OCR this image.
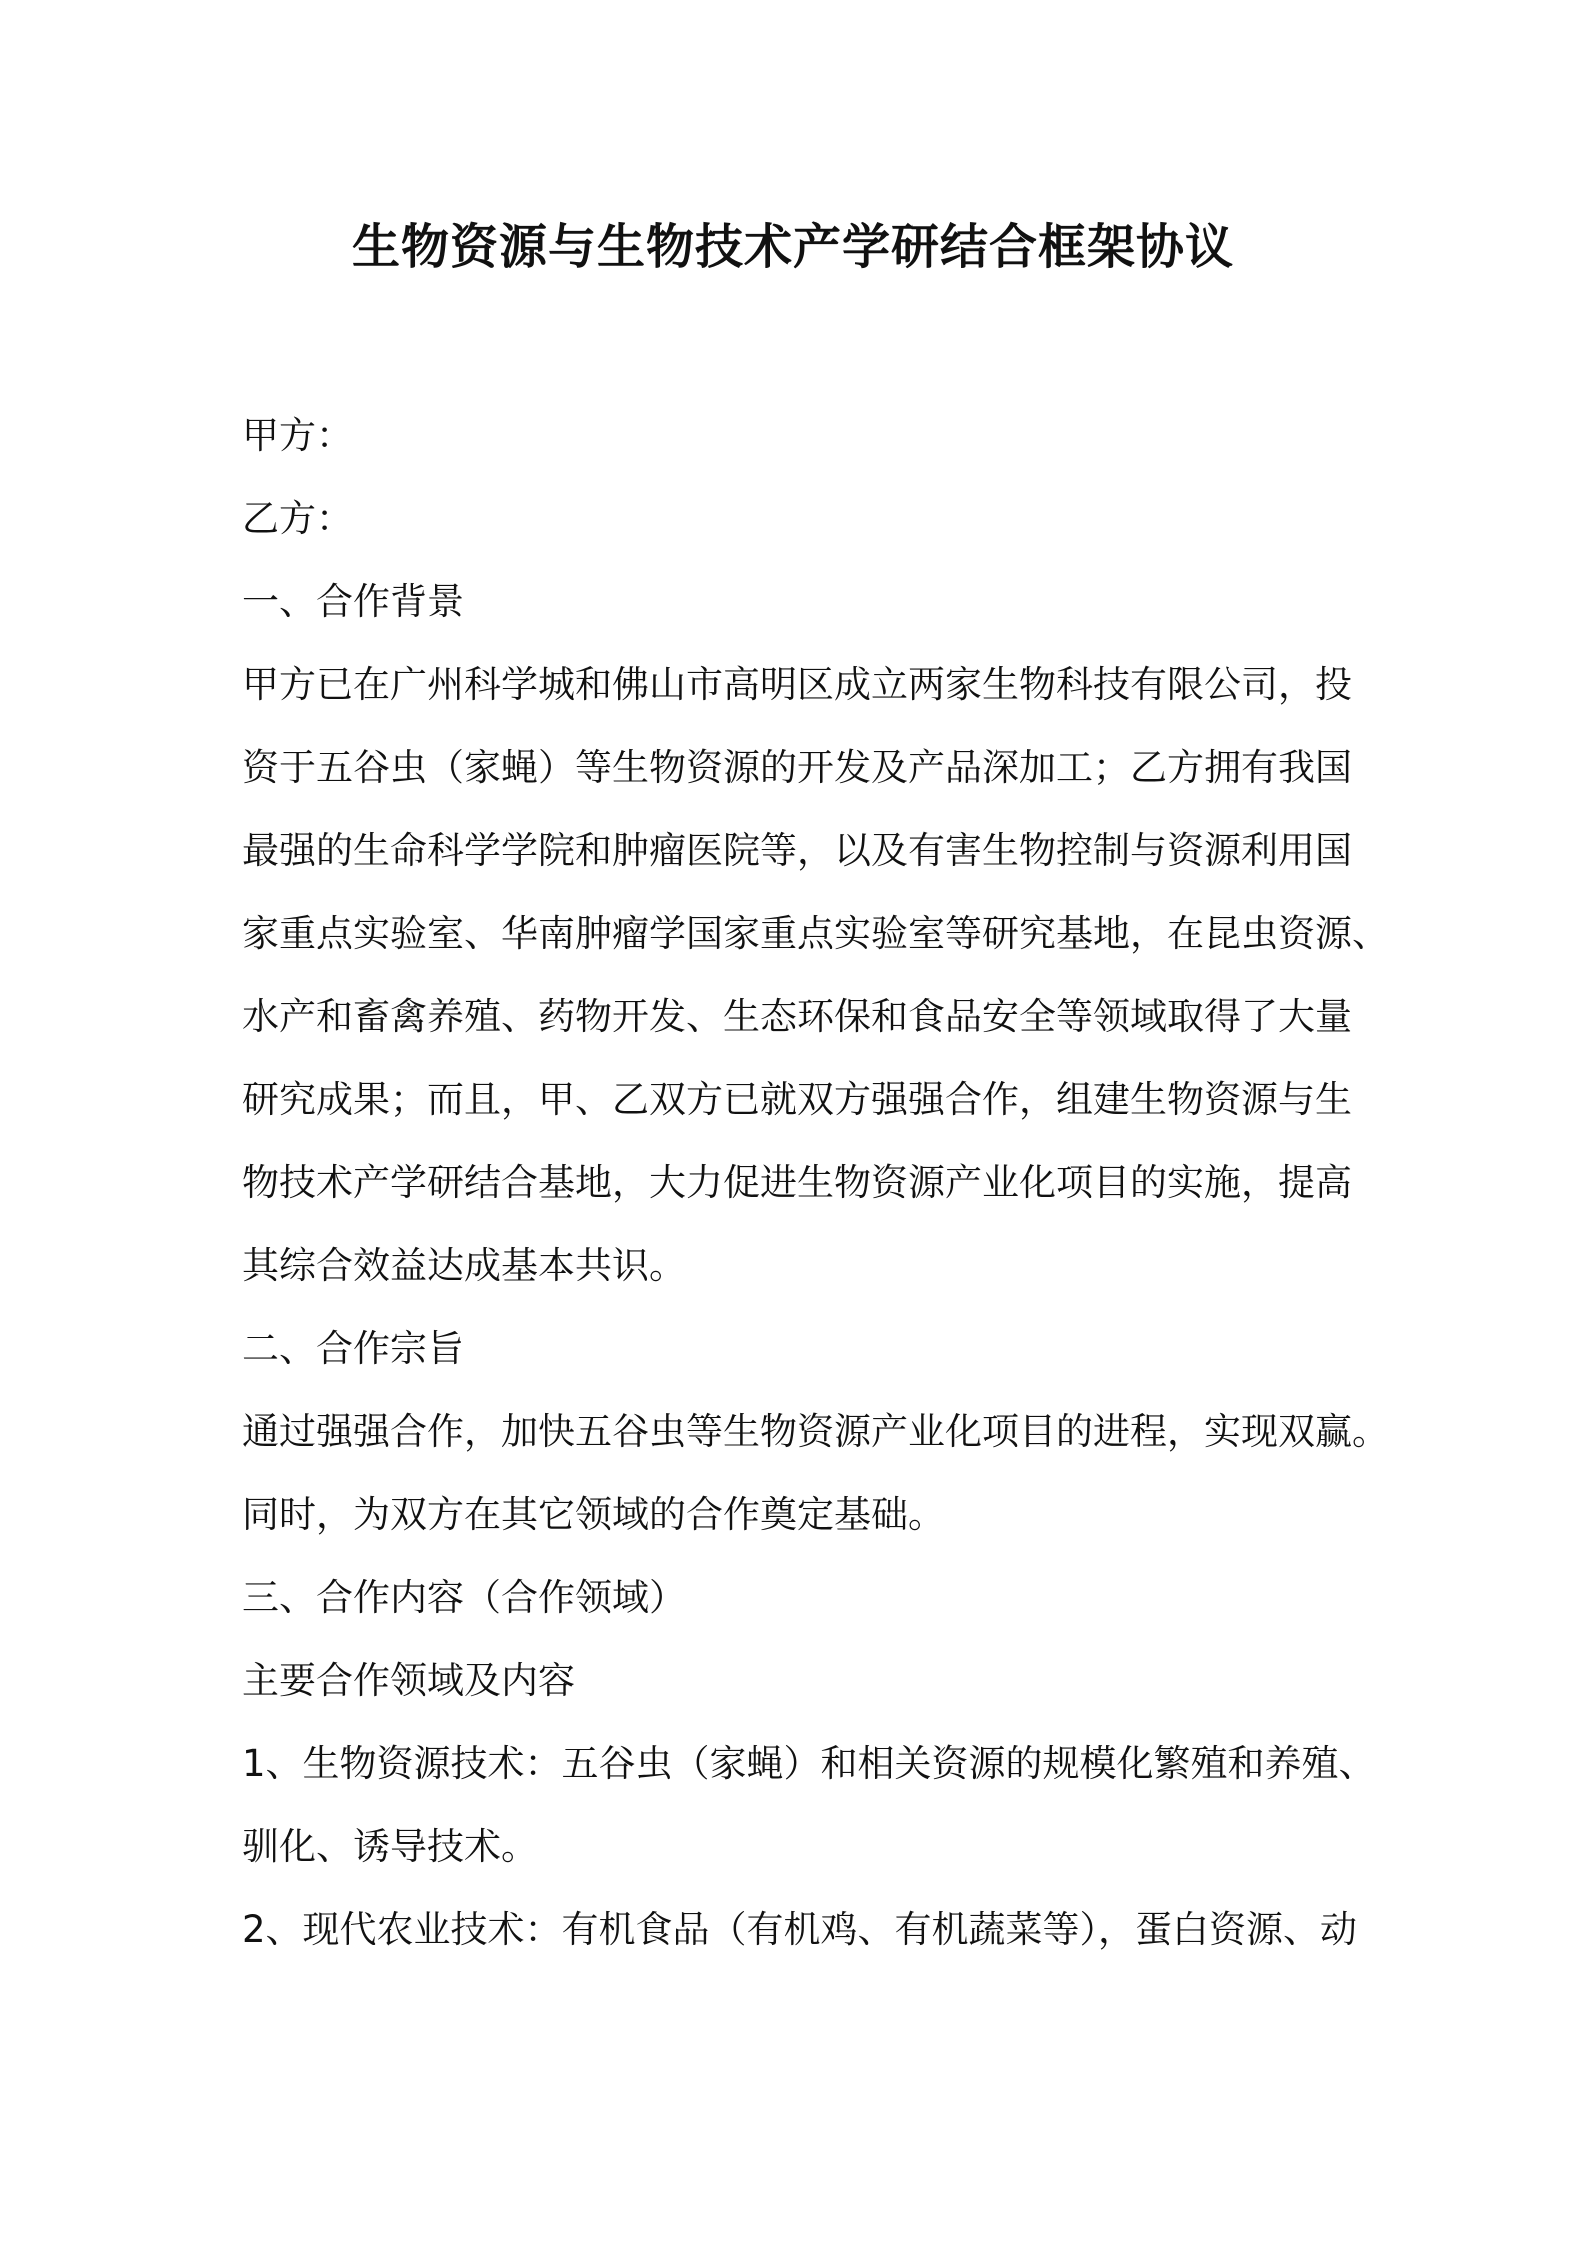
生物资源与生物技术产学研结合框架协议

甲方：

乙方：

一、合作背景

甲方已在广州科学城和佛山市高明区成立两家生物科技有限公司，投

资于五谷虫（家蝇）等生物资源的开发及产品深加工；乙方拥有我国

最强的生命科学学院和肿瘤医院等，以及有害生物控制与资源利用国

家重点实验室、华南肿瘤学国家重点实验室等研究基地，在昆虫资源、

水产和畜禽养殖、药物开发、生态环保和食品安全等领域取得了大量

研究成果；而且，甲、乙双方已就双方强强合作，组建生物资源与生

物技术产学研结合基地，大力促进生物资源产业化项目的实施，提高

其综合效益达成基本共识。

二、合作宗旨

通过强强合作，加快五谷虫等生物资源产业化项目的进程，实现双赢。

同时，为双方在其它领域的合作奠定基础。

三、合作内容（合作领域）

主要合作领域及内容

1、生物资源技术：五谷虫（家蝇）和相关资源的规模化繁殖和养殖、

驯化、诱导技术。

2、现代农业技术：有机食品（有机鸡、有机蔬菜等），蛋白资源、动
